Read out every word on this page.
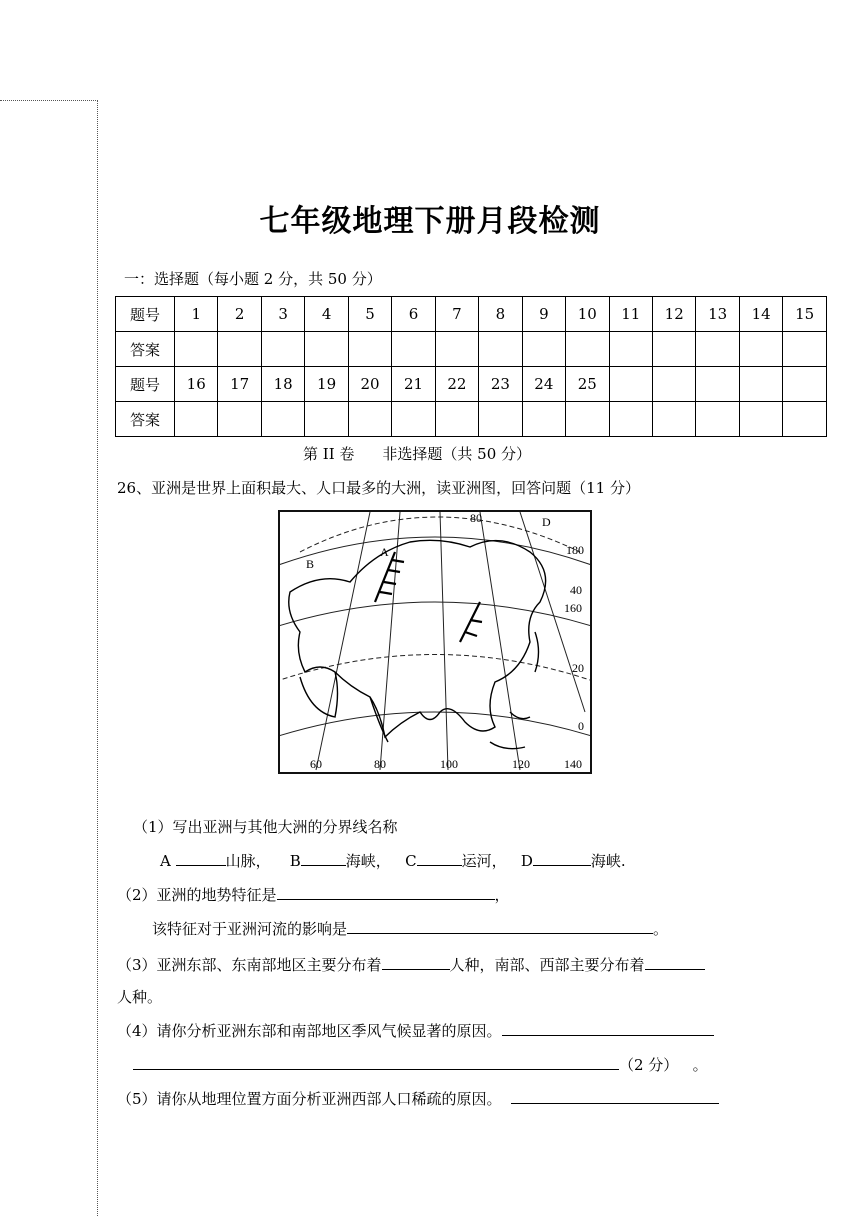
七年级地理下册月段检测
一：选择题（每小题 2 分，共 50 分）
题号	1	2	3	4	5	6	7	8	9	10	11	12	13	14	15
答案															
题号	16	17	18	19	20	21	22	23	24	25					
答案															
第 II 卷 非选择题（共 50 分）
26、亚洲是世界上面积最大、人口最多的大洲，读亚洲图，回答问题（11 分）
A
B
D
80
180
40
160
20
0
60	80	100	120	140
（1）写出亚洲与其他大洲的分界线名称
A	山脉， B	海峡， C	运河， D	海峡.
（2）亚洲的地势特征是	，
该特征对于亚洲河流的影响是	。
（3）亚洲东部、东南部地区主要分布着	人种，南部、西部主要分布着
人种。
（4）请你分析亚洲东部和南部地区季风气候显著的原因。
（2 分） 。
（5）请你从地理位置方面分析亚洲西部人口稀疏的原因。
